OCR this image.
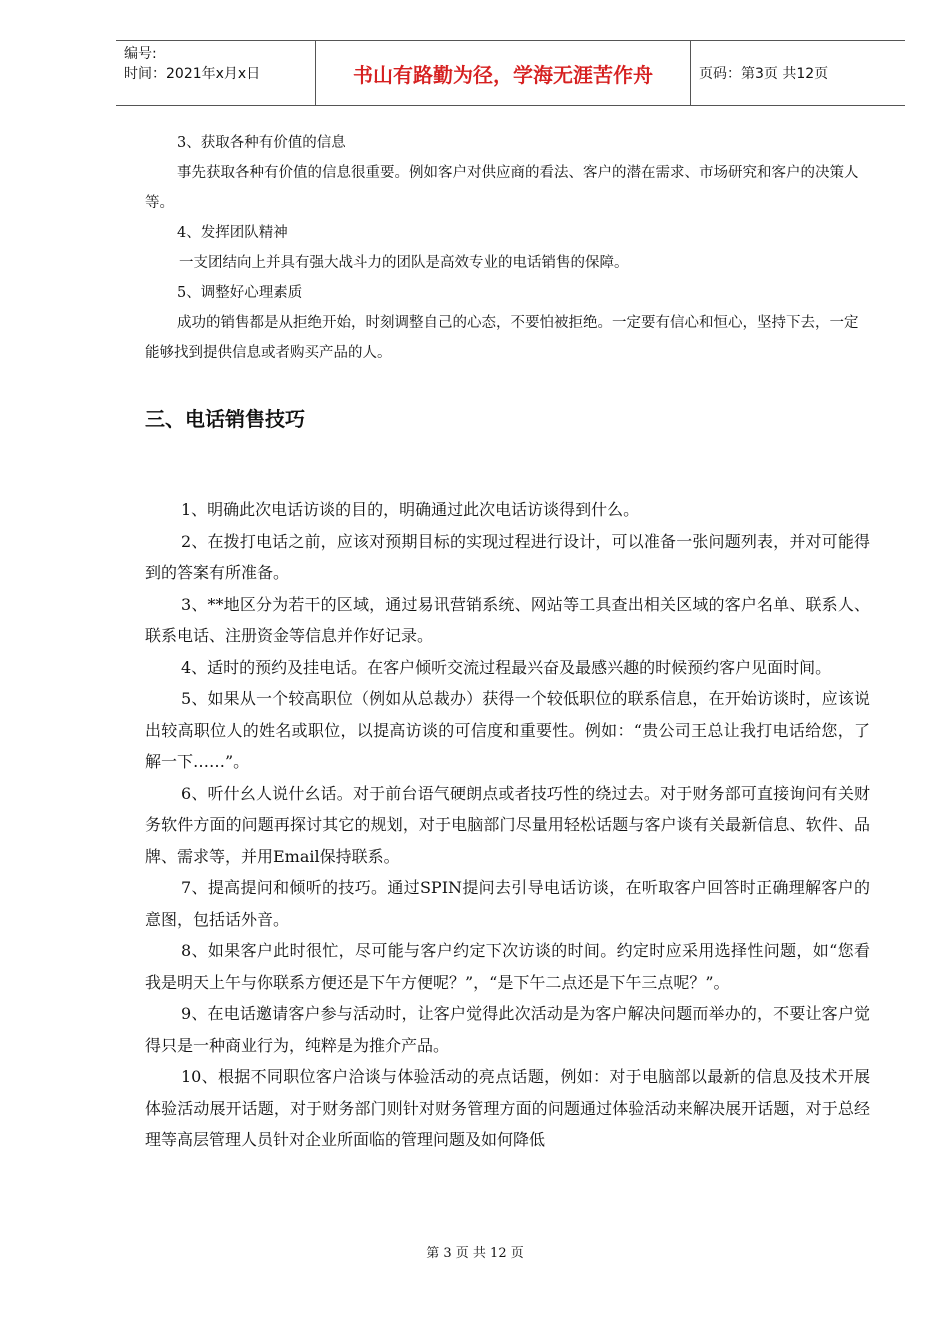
编号:
时间：2021年x月x日	书山有路勤为径，学海无涯苦作舟	页码：第3页 共12页

3、获取各种有价值的信息

事先获取各种有价值的信息很重要。例如客户对供应商的看法、客户的潜在需求、市场研究和客户的决策人等。

4、发挥团队精神

一支团结向上并具有强大战斗力的团队是高效专业的电话销售的保障。

5、调整好心理素质

成功的销售都是从拒绝开始，时刻调整自己的心态，不要怕被拒绝。一定要有信心和恒心，坚持下去，一定能够找到提供信息或者购买产品的人。

三、电话销售技巧

1、明确此次电话访谈的目的，明确通过此次电话访谈得到什么。

2、在拨打电话之前，应该对预期目标的实现过程进行设计，可以准备一张问题列表，并对可能得到的答案有所准备。

3、**地区分为若干的区域，通过易讯营销系统、网站等工具查出相关区域的客户名单、联系人、联系电话、注册资金等信息并作好记录。

4、适时的预约及挂电话。在客户倾听交流过程最兴奋及最感兴趣的时候预约客户见面时间。

5、如果从一个较高职位（例如从总裁办）获得一个较低职位的联系信息，在开始访谈时，应该说出较高职位人的姓名或职位，以提高访谈的可信度和重要性。例如：“贵公司王总让我打电话给您，了解一下……”。

6、听什幺人说什幺话。对于前台语气硬朗点或者技巧性的绕过去。对于财务部可直接询问有关财务软件方面的问题再探讨其它的规划，对于电脑部门尽量用轻松话题与客户谈有关最新信息、软件、品牌、需求等，并用Email保持联系。

7、提高提问和倾听的技巧。通过SPIN提问去引导电话访谈，在听取客户回答时正确理解客户的意图，包括话外音。

8、如果客户此时很忙，尽可能与客户约定下次访谈的时间。约定时应采用选择性问题，如“您看我是明天上午与你联系方便还是下午方便呢？”，“是下午二点还是下午三点呢？”。

9、在电话邀请客户参与活动时，让客户觉得此次活动是为客户解决问题而举办的，不要让客户觉得只是一种商业行为，纯粹是为推介产品。

10、根据不同职位客户洽谈与体验活动的亮点话题，例如：对于电脑部以最新的信息及技术开展体验活动展开话题，对于财务部门则针对财务管理方面的问题通过体验活动来解决展开话题，对于总经理等高层管理人员针对企业所面临的管理问题及如何降低

第 3 页 共 12 页
